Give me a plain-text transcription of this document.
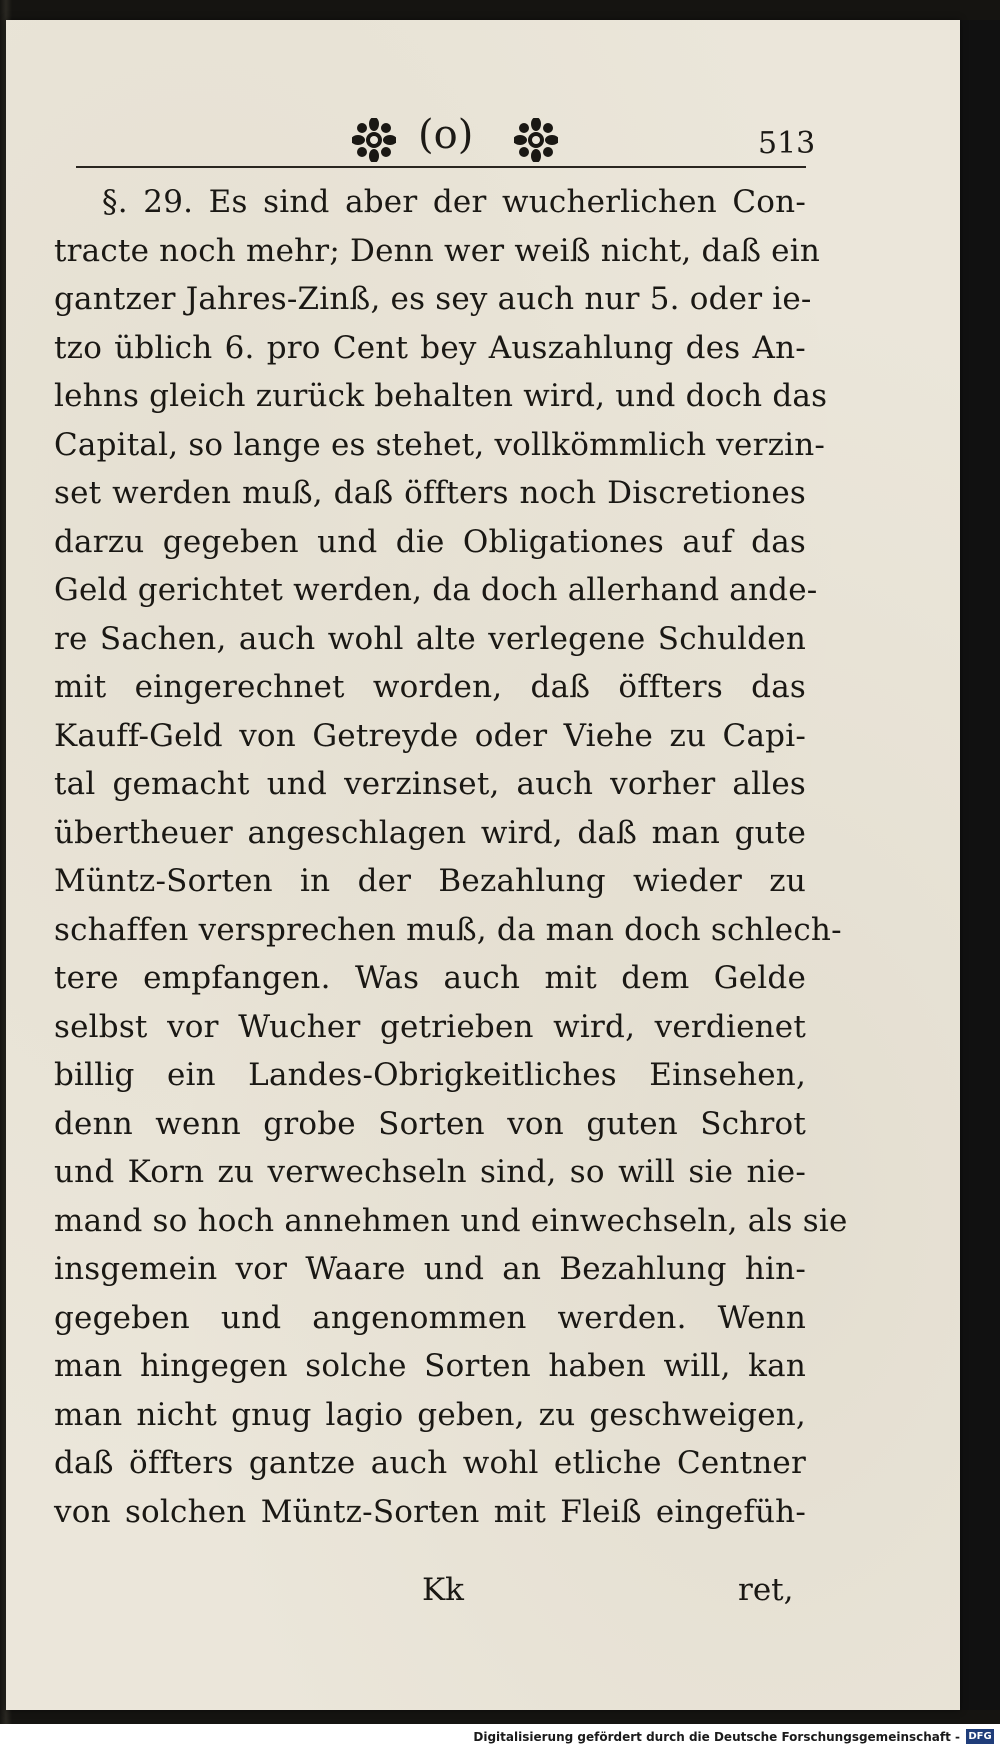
(o)	513
§. 29. Es sind aber der wucherlichen Con-
tracte noch mehr; Denn wer weiß nicht, daß ein
gantzer Jahres-Zinß, es sey auch nur 5. oder ie-
tzo üblich 6. pro Cent bey Auszahlung des An-
lehns gleich zurück behalten wird, und doch das
Capital, so lange es stehet, vollkömmlich verzin-
set werden muß, daß öffters noch Discretiones
darzu gegeben und die Obligationes auf das
Geld gerichtet werden, da doch allerhand ande-
re Sachen, auch wohl alte verlegene Schulden
mit eingerechnet worden, daß öffters das
Kauff-Geld von Getreyde oder Viehe zu Capi-
tal gemacht und verzinset, auch vorher alles
übertheuer angeschlagen wird, daß man gute
Müntz-Sorten in der Bezahlung wieder zu
schaffen versprechen muß, da man doch schlech-
tere empfangen. Was auch mit dem Gelde
selbst vor Wucher getrieben wird, verdienet
billig ein Landes-Obrigkeitliches Einsehen,
denn wenn grobe Sorten von guten Schrot
und Korn zu verwechseln sind, so will sie nie-
mand so hoch annehmen und einwechseln, als sie
insgemein vor Waare und an Bezahlung hin-
gegeben und angenommen werden. Wenn
man hingegen solche Sorten haben will, kan
man nicht gnug lagio geben, zu geschweigen,
daß öffters gantze auch wohl etliche Centner
von solchen Müntz-Sorten mit Fleiß eingefüh-
Kk	ret,
Digitalisierung gefördert durch die Deutsche Forschungsgemeinschaft - DFG
